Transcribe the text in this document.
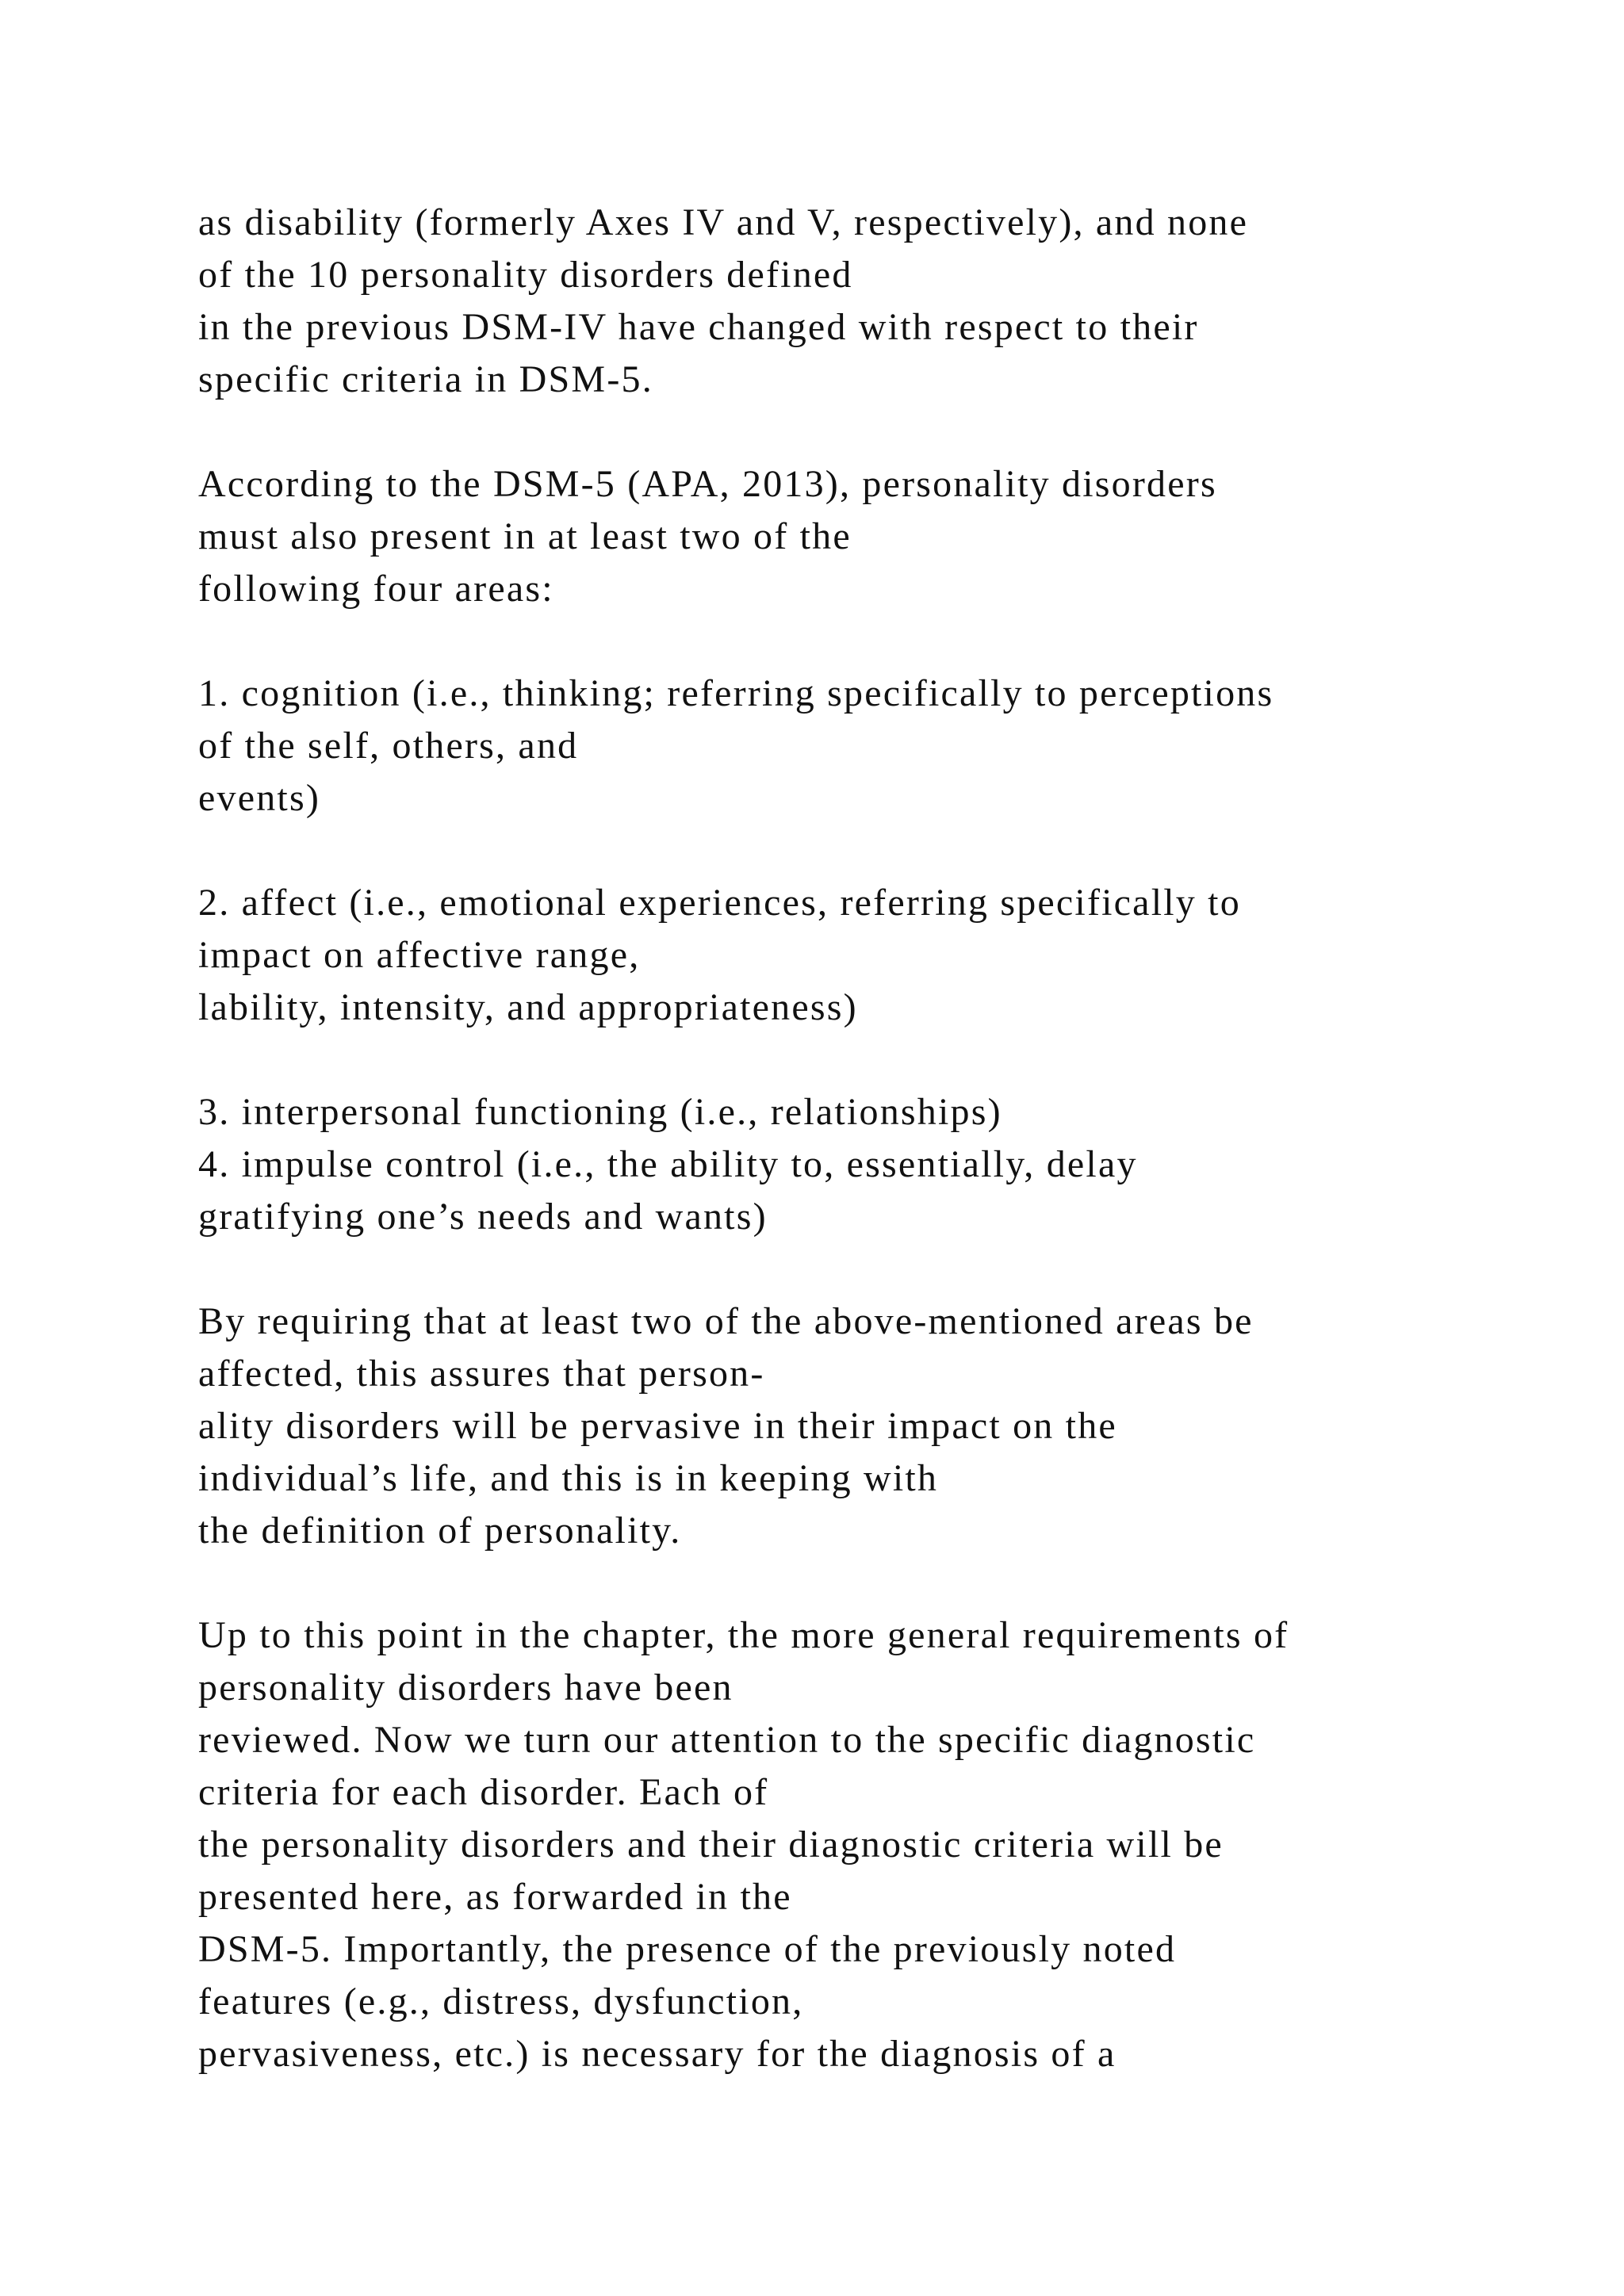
as disability (formerly Axes IV and V, respectively), and none
of the 10 personality disorders defined
in the previous DSM-IV have changed with respect to their
specific criteria in DSM-5.
According to the DSM-5 (APA, 2013), personality disorders
must also present in at least two of the
following four areas:
1. cognition (i.e., thinking; referring specifically to perceptions
of the self, others, and
events)
2. affect (i.e., emotional experiences, referring specifically to
impact on affective range,
lability, intensity, and appropriateness)
3. interpersonal functioning (i.e., relationships)
4. impulse control (i.e., the ability to, essentially, delay
gratifying one’s needs and wants)
By requiring that at least two of the above-mentioned areas be
affected, this assures that person-
ality disorders will be pervasive in their impact on the
individual’s life, and this is in keeping with
the definition of personality.
Up to this point in the chapter, the more general requirements of
personality disorders have been
reviewed. Now we turn our attention to the specific diagnostic
criteria for each disorder. Each of
the personality disorders and their diagnostic criteria will be
presented here, as forwarded in the
DSM-5. Importantly, the presence of the previously noted
features (e.g., distress, dysfunction,
pervasiveness, etc.) is necessary for the diagnosis of a
